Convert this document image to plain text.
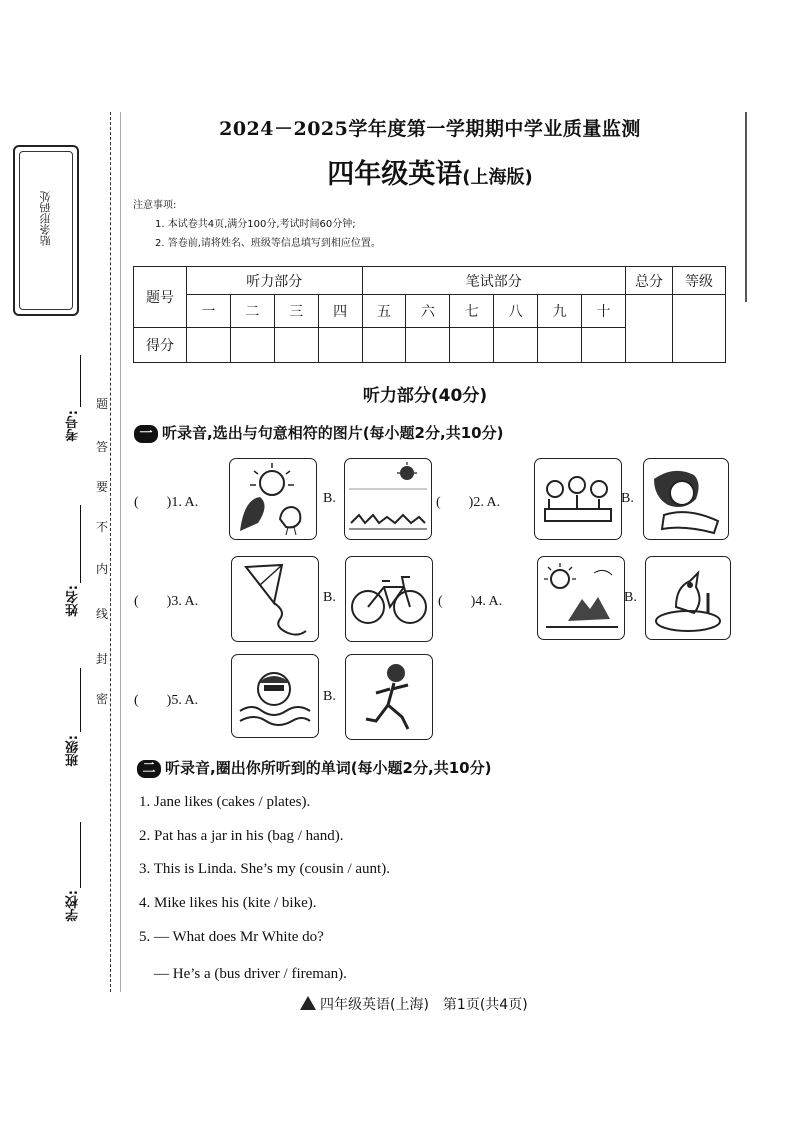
贴条形码处
考号:
姓名:
班级:
学校:
密
封
线
内
不
要
答
题
2024－2025学年度第一学期期中学业质量监测
四年级英语(上海版)
注意事项:
1. 本试卷共4页,满分100分,考试时间60分钟;
2. 答卷前,请将姓名、班级等信息填写到相应位置。
题号	听力部分				笔试部分						总分	等级
	一	二	三	四	五	六	七	八	九	十		
得分												
听力部分(40分)
一 听录音,选出与句意相符的图片(每小题2分,共10分)
(　　)1. A.	B.	(　　)2. A.	B.
(　　)3. A.	B.	(　　)4. A.	B.
(　　)5. A.	B.
二 听录音,圈出你所听到的单词(每小题2分,共10分)
1. Jane likes (cakes / plates).
2. Pat has a jar in his (bag / hand).
3. This is Linda. She’s my (cousin / aunt).
4. Mike likes his (kite / bike).
5. — What does Mr White do?
　— He’s a (bus driver / fireman).
四年级英语(上海)　第1页(共4页)
